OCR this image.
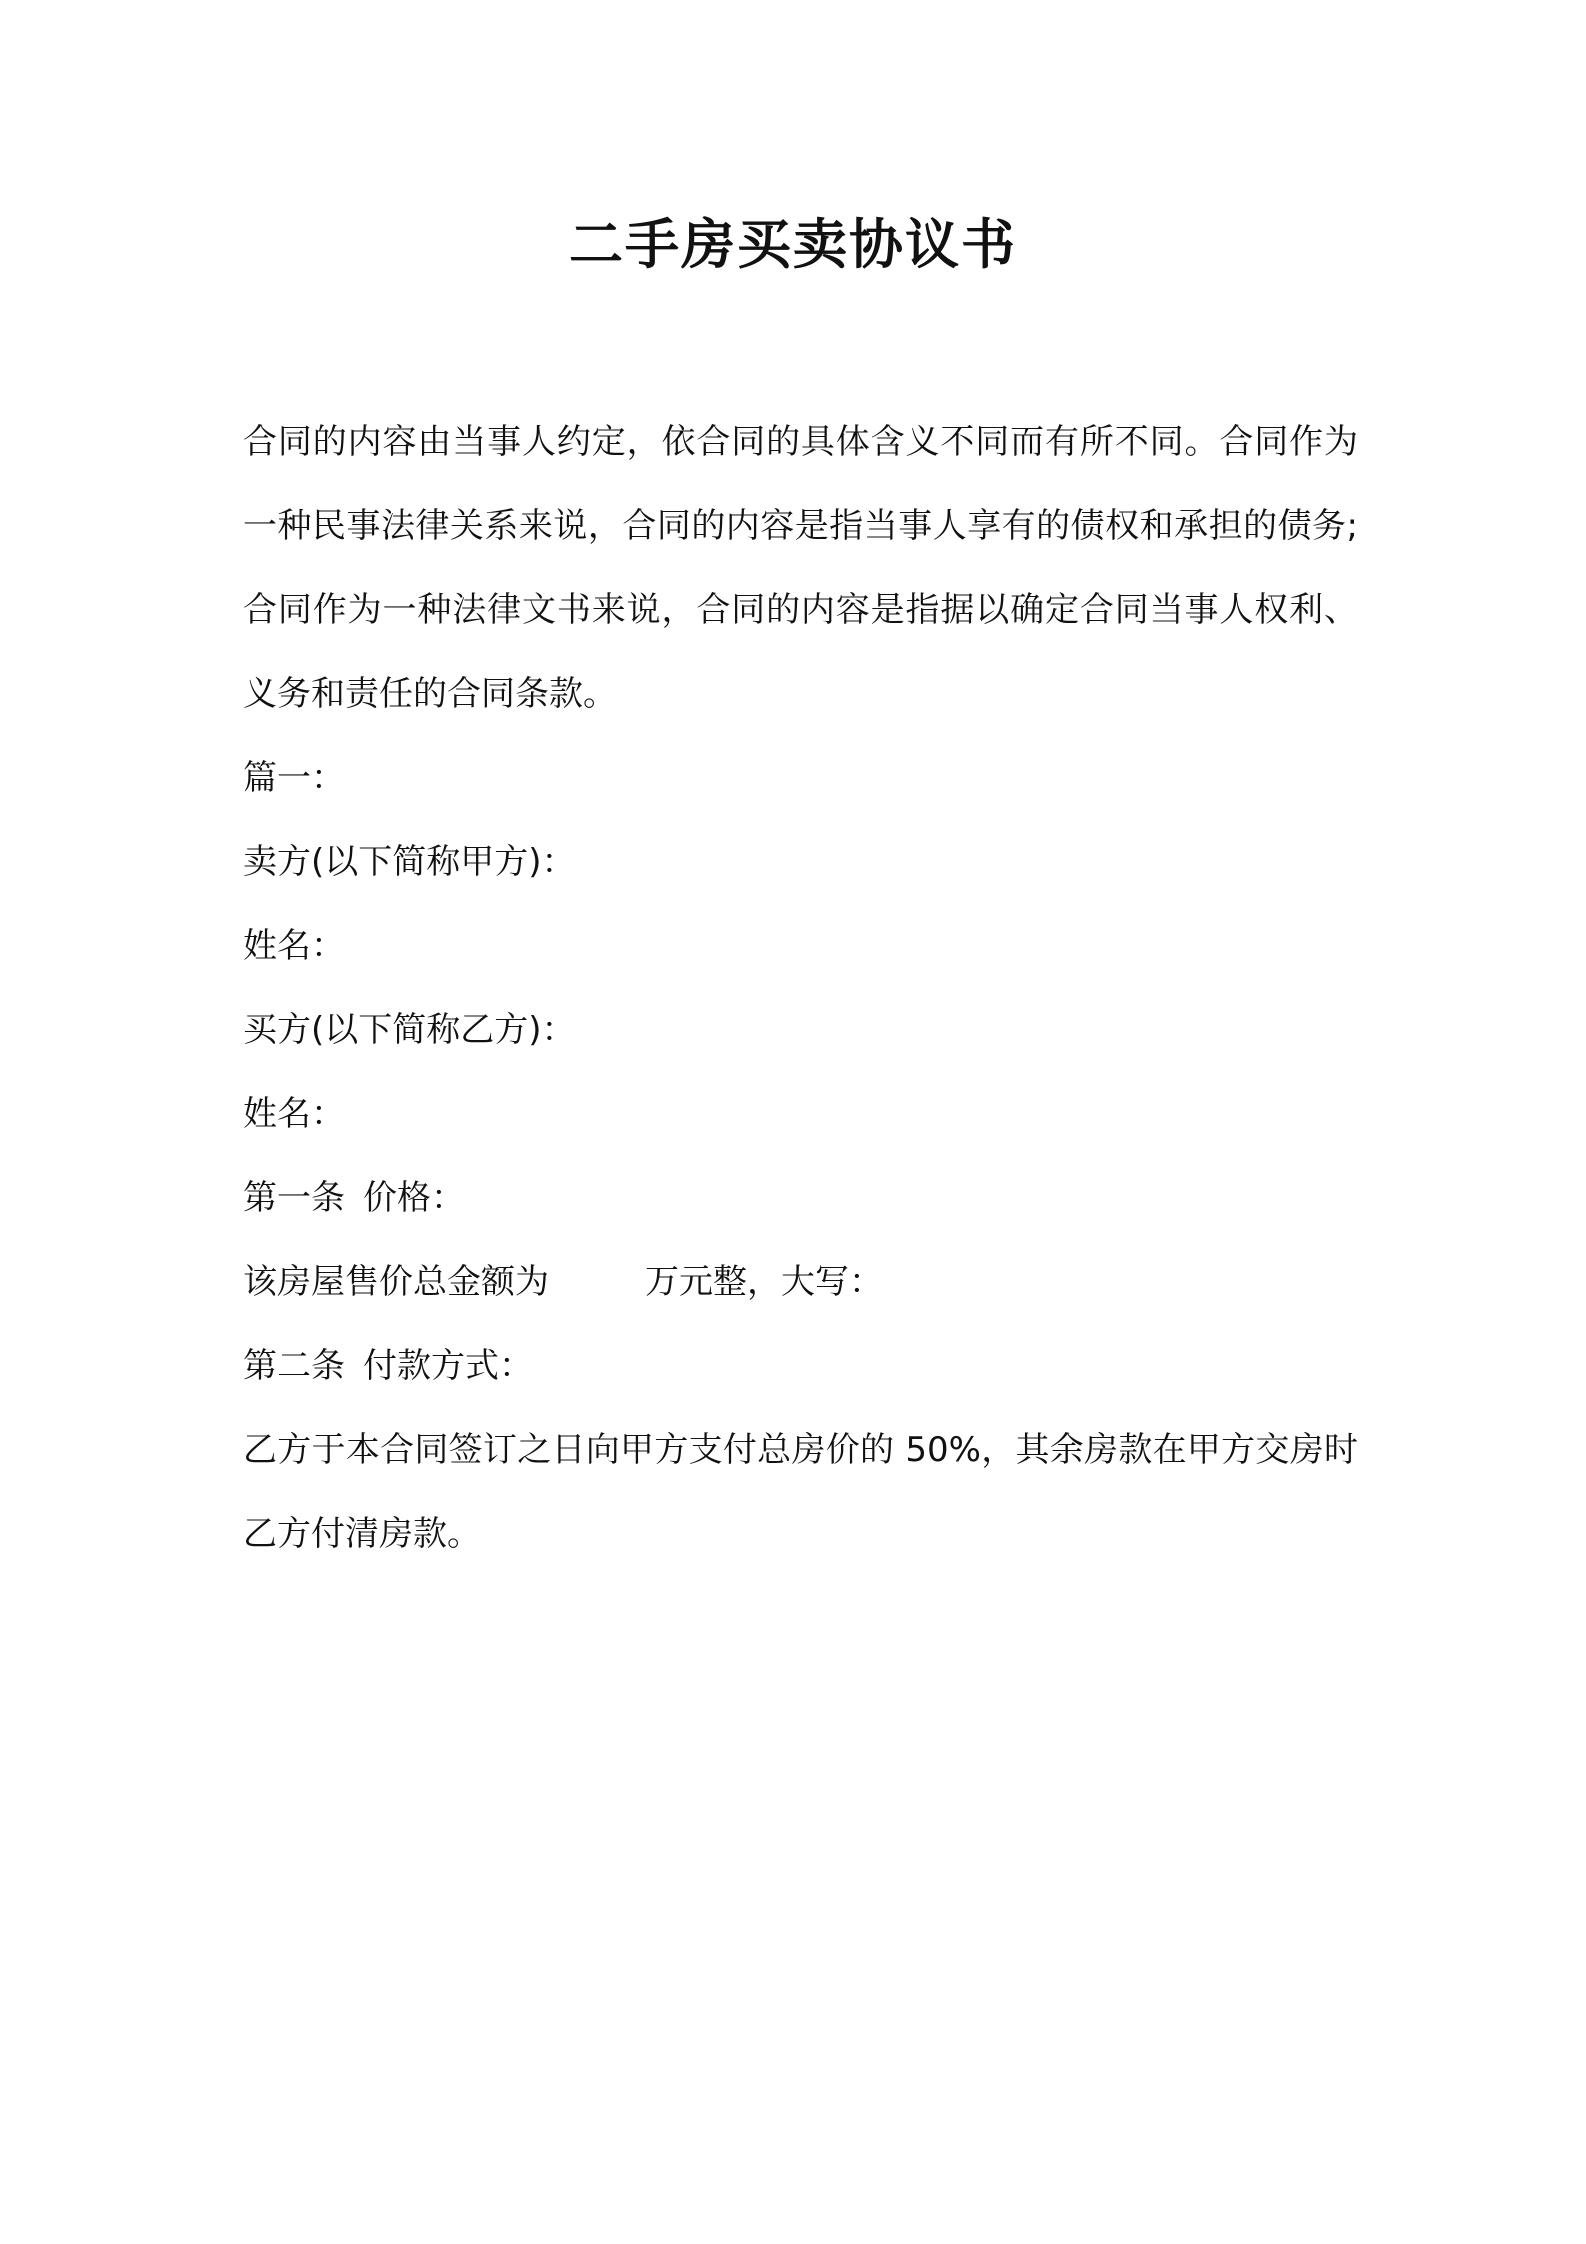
二手房买卖协议书

合同的内容由当事人约定，依合同的具体含义不同而有所不同。合同作为一种民事法律关系来说，合同的内容是指当事人享有的债权和承担的债务;合同作为一种法律文书来说，合同的内容是指据以确定合同当事人权利、义务和责任的合同条款。

篇一：

卖方(以下简称甲方)：

姓名：

买方(以下简称乙方)：

姓名：

第一条 价格：

该房屋售价总金额为	万元整，大写：

第二条 付款方式：

乙方于本合同签订之日向甲方支付总房价的 50%，其余房款在甲方交房时乙方付清房款。
